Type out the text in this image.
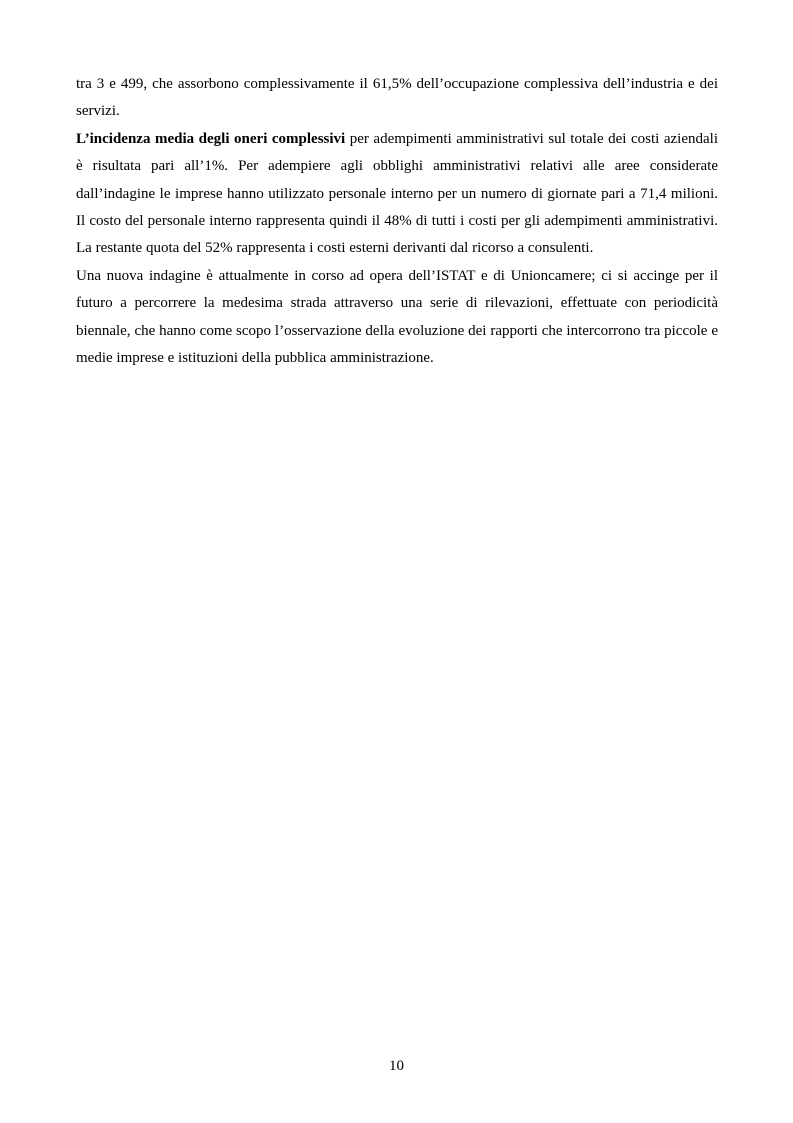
tra 3 e 499, che assorbono complessivamente il 61,5% dell’occupazione complessiva dell’industria e dei servizi.

L’incidenza media degli oneri complessivi per adempimenti amministrativi sul totale dei costi aziendali è risultata pari all’1%. Per adempiere agli obblighi amministrativi relativi alle aree considerate dall’indagine le imprese hanno utilizzato personale interno per un numero di giornate pari a 71,4 milioni. Il costo del personale interno rappresenta quindi il 48% di tutti i costi per gli adempimenti amministrativi. La restante quota del 52% rappresenta i costi esterni derivanti dal ricorso a consulenti.

Una nuova indagine è attualmente in corso ad opera dell’ISTAT e di Unioncamere; ci si accinge per il futuro a percorrere la medesima strada attraverso una serie di rilevazioni, effettuate con periodicità biennale, che hanno come scopo l’osservazione della evoluzione dei rapporti che intercorrono tra piccole e medie imprese e istituzioni della pubblica amministrazione.

10
